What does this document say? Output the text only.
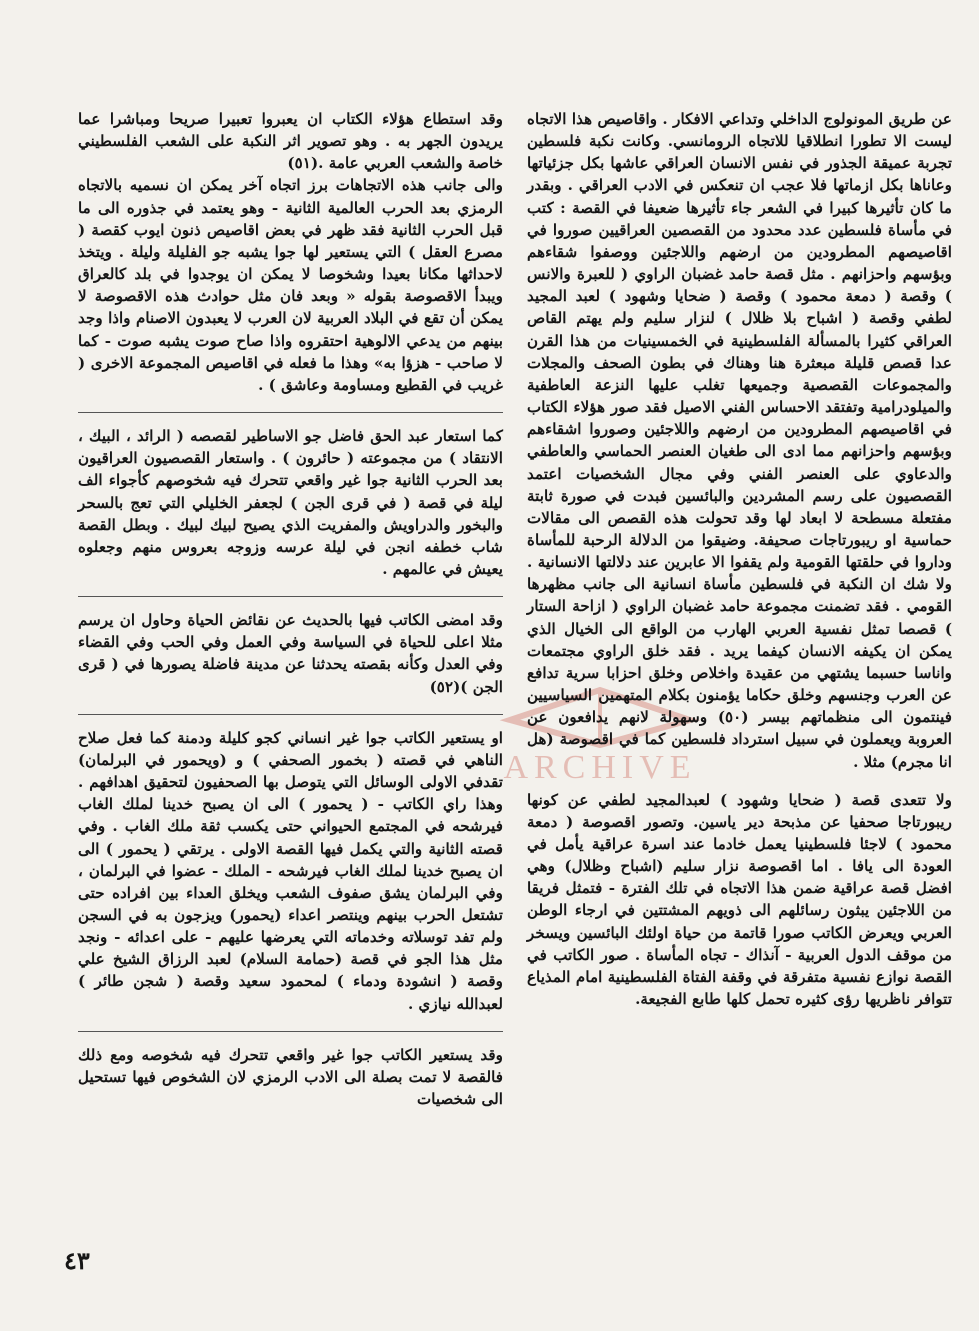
ARCHIVE

عن طريق المونولوج الداخلي وتداعي الافكار . واقاصيص هذا الاتجاه ليست الا تطورا انطلاقيا للاتجاه الرومانسي. وكانت نكبة فلسطين تجربة عميقة الجذور في نفس الانسان العراقي عاشها بكل جزئياتها وعاناها بكل ازماتها فلا عجب ان تنعكس في الادب العراقي . وبقدر ما كان تأثيرها كبيرا في الشعر جاء تأثيرها ضعيفا في القصة : كتب في مأساة فلسطين عدد محدود من القصصين العراقيين صوروا في اقاصيصهم المطرودين من ارضهم واللاجئين ووصفوا شقاءهم وبؤسهم واحزانهم . مثل قصة حامد غضبان الراوي ( للعبرة والانس ) وقصة ( دمعة محمود ) وقصة ( ضحايا وشهود ) لعبد المجيد لطفي وقصة ( اشباح بلا ظلال ) لنزار سليم ولم يهتم القاص العراقي كثيرا بالمسألة الفلسطينية في الخمسينيات من هذا القرن عدا قصص قليلة مبعثرة هنا وهناك في بطون الصحف والمجلات والمجموعات القصصية وجميعها تغلب عليها النزعة العاطفية والميلودرامية وتفتقد الاحساس الفني الاصيل فقد صور هؤلاء الكتاب في اقاصيصهم المطرودين من ارضهم واللاجئين وصوروا اشقاءهم وبؤسهم واحزانهم مما ادى الى طغيان العنصر الحماسي والعاطفي والدعاوي على العنصر الفني وفي مجال الشخصيات اعتمد القصصيون على رسم المشردين والبائسين فبدت في صورة ثابتة مفتعلة مسطحة لا ابعاد لها وقد تحولت هذه القصص الى مقالات حماسية او ريبورتاجات صحيفة. وضيقوا من الدلالة الرحبة للمأساة وداروا في حلقتها القومية ولم يقفوا الا عابرين عند دلالتها الانسانية . ولا شك ان النكبة في فلسطين مأساة انسانية الى جانب مظهرها القومي . فقد تضمنت مجموعة حامد غضبان الراوي ( ازاحة الستار ) قصصا تمثل نفسية العربي الهارب من الواقع الى الخيال الذي يمكن ان يكيفه الانسان كيفما يريد . فقد خلق الراوي مجتمعات واناسا حسبما يشتهي من عقيدة واخلاص وخلق احزابا سرية تدافع عن العرب وجنسهم وخلق حكاما يؤمنون بكلام المتهمين السياسيين فينتمون الى منظماتهم بيسر (٥٠) وسهولة لانهم يدافعون عن العروبة ويعملون في سبيل استرداد فلسطين كما في اقصوصة (هل انا مجرم) مثلا .

ولا تتعدى قصة ( ضحايا وشهود ) لعبدالمجيد لطفي عن كونها ريبورتاجا صحفيا عن مذبحة دير ياسين. وتصور اقصوصة ( دمعة محمود ) لاجئا فلسطينيا يعمل خادما عند اسرة عراقية يأمل في العودة الى يافا . اما اقصوصة نزار سليم (اشباح وظلال) وهي افضل قصة عراقية ضمن هذا الاتجاه في تلك الفترة - فتمثل فريقا من اللاجئين يبثون رسائلهم الى ذويهم المشتتين في ارجاء الوطن العربي ويعرض الكاتب صورا قاتمة من حياة اولئك البائسين ويسخر من موقف الدول العربية - آنذاك - تجاه المأساة . صور الكاتب في القصة نوازع نفسية متفرقة في وقفة الفتاة الفلسطينية امام المذياع تتوافر ناظريها رؤى كثيره تحمل كلها طابع الفجيعة.

وقد استطاع هؤلاء الكتاب ان يعبروا تعبيرا صريحا ومباشرا عما يريدون الجهر به . وهو تصوير اثر النكبة على الشعب الفلسطيني خاصة والشعب العربي عامة .(٥١)

والى جانب هذه الاتجاهات برز اتجاه آخر يمكن ان نسميه بالاتجاه الرمزي بعد الحرب العالمية الثانية - وهو يعتمد في جذوره الى ما قبل الحرب الثانية فقد ظهر في بعض اقاصيص ذنون ايوب كقصة ( مصرع العقل ) التي يستعير لها جوا يشبه جو الفليلة وليلة . ويتخذ لاحداثها مكانا بعيدا وشخوصا لا يمكن ان يوجدوا في بلد كالعراق ويبدأ الاقصوصة بقوله « وبعد فان مثل حوادث هذه الاقصوصة لا يمكن أن تقع في البلاد العربية لان العرب لا يعبدون الاصنام واذا وجد بينهم من يدعي الالوهية احتقروه واذا صاح صوت يشبه صوت - كما لا صاحب - هزؤا به» وهذا ما فعله في اقاصيص المجموعة الاخرى ( غريب في القطيع ومساومة وعاشق ) .

كما استعار عبد الحق فاضل جو الاساطير لقصصه ( الرائد ، البيك ، الانتقاد ) من مجموعته ( حائرون ) . واستعار القصصيون العراقيون بعد الحرب الثانية جوا غير واقعي تتحرك فيه شخوصهم كأجواء الف ليلة في قصة ( في قرى الجن ) لجعفر الخليلي التي تعج بالسحر والبخور والدراويش والمفريت الذي يصيح لبيك لبيك . وبطل القصة شاب خطفه انجن في ليلة عرسه وزوجه بعروس منهم وجعلوه يعيش في عالمهم .

وقد امضى الكاتب فيها بالحديث عن نقائض الحياة وحاول ان يرسم مثلا اعلى للحياة في السياسة وفي العمل وفي الحب وفي القضاء وفي العدل وكأنه بقصته يحدثنا عن مدينة فاضلة يصورها في ( قرى الجن )(٥٢)

او يستعير الكاتب جوا غير انساني كجو كليلة ودمنة كما فعل صلاح الناهي في قصته ( بخمور الصحفي ) و (ويحمور في البرلمان) تقدفي الاولى الوسائل التي يتوصل بها الصحفيون لتحقيق اهدافهم . وهذا راي الكاتب - ( يحمور ) الى ان يصبح خدينا لملك الغاب فيرشحه في المجتمع الحيواني حتى يكسب ثقة ملك الغاب . وفي قصته الثانية والتي يكمل فيها القصة الاولى . يرتقي ( يحمور ) الى ان يصبح خدينا لملك الغاب فيرشحه - الملك - عضوا في البرلمان ، وفي البرلمان يشق صفوف الشعب ويخلق العداء بين افراده حتى تشتعل الحرب بينهم وينتصر اعداء (يحمور) ويزجون به في السجن ولم تفد توسلاته وخدماته التي يعرضها عليهم - على اعدائه - ونجد مثل هذا الجو في قصة (حمامة السلام) لعبد الرزاق الشيخ علي وقصة ( انشودة ودماء ) لمحمود سعيد وقصة ( شجن طائر ) لعبدالله نيازي .

وقد يستعير الكاتب جوا غير واقعي تتحرك فيه شخوصه ومع ذلك فالقصة لا تمت بصلة الى الادب الرمزي لان الشخوص فيها تستحيل الى شخصيات

٤٣
